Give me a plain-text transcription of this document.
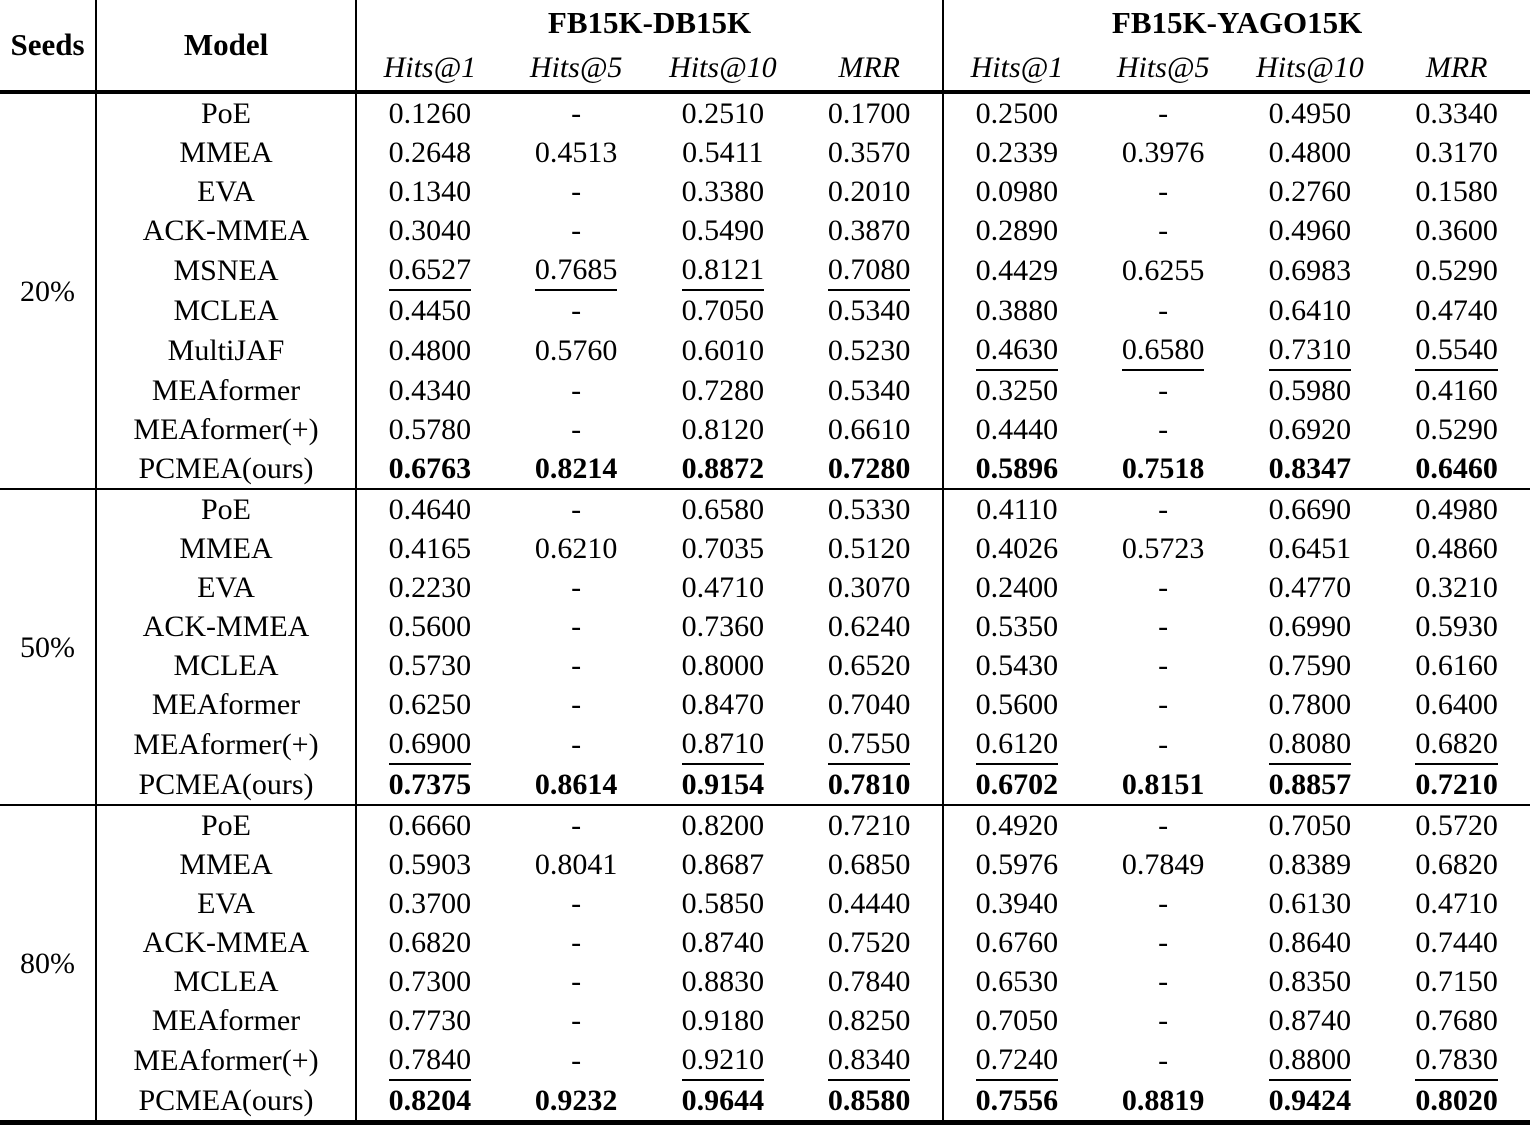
Seeds	Model	FB15K-DB15K				FB15K-YAGO15K			
		Hits@1	Hits@5	Hits@10	MRR	Hits@1	Hits@5	Hits@10	MRR
20%	PoE	0.1260	-	0.2510	0.1700	0.2500	-	0.4950	0.3340
	MMEA	0.2648	0.4513	0.5411	0.3570	0.2339	0.3976	0.4800	0.3170
	EVA	0.1340	-	0.3380	0.2010	0.0980	-	0.2760	0.1580
	ACK-MMEA	0.3040	-	0.5490	0.3870	0.2890	-	0.4960	0.3600
	MSNEA	0.6527	0.7685	0.8121	0.7080	0.4429	0.6255	0.6983	0.5290
	MCLEA	0.4450	-	0.7050	0.5340	0.3880	-	0.6410	0.4740
	MultiJAF	0.4800	0.5760	0.6010	0.5230	0.4630	0.6580	0.7310	0.5540
	MEAformer	0.4340	-	0.7280	0.5340	0.3250	-	0.5980	0.4160
	MEAformer(+)	0.5780	-	0.8120	0.6610	0.4440	-	0.6920	0.5290
	PCMEA(ours)	0.6763	0.8214	0.8872	0.7280	0.5896	0.7518	0.8347	0.6460
50%	PoE	0.4640	-	0.6580	0.5330	0.4110	-	0.6690	0.4980
	MMEA	0.4165	0.6210	0.7035	0.5120	0.4026	0.5723	0.6451	0.4860
	EVA	0.2230	-	0.4710	0.3070	0.2400	-	0.4770	0.3210
	ACK-MMEA	0.5600	-	0.7360	0.6240	0.5350	-	0.6990	0.5930
	MCLEA	0.5730	-	0.8000	0.6520	0.5430	-	0.7590	0.6160
	MEAformer	0.6250	-	0.8470	0.7040	0.5600	-	0.7800	0.6400
	MEAformer(+)	0.6900	-	0.8710	0.7550	0.6120	-	0.8080	0.6820
	PCMEA(ours)	0.7375	0.8614	0.9154	0.7810	0.6702	0.8151	0.8857	0.7210
80%	PoE	0.6660	-	0.8200	0.7210	0.4920	-	0.7050	0.5720
	MMEA	0.5903	0.8041	0.8687	0.6850	0.5976	0.7849	0.8389	0.6820
	EVA	0.3700	-	0.5850	0.4440	0.3940	-	0.6130	0.4710
	ACK-MMEA	0.6820	-	0.8740	0.7520	0.6760	-	0.8640	0.7440
	MCLEA	0.7300	-	0.8830	0.7840	0.6530	-	0.8350	0.7150
	MEAformer	0.7730	-	0.9180	0.8250	0.7050	-	0.8740	0.7680
	MEAformer(+)	0.7840	-	0.9210	0.8340	0.7240	-	0.8800	0.7830
	PCMEA(ours)	0.8204	0.9232	0.9644	0.8580	0.7556	0.8819	0.9424	0.8020
